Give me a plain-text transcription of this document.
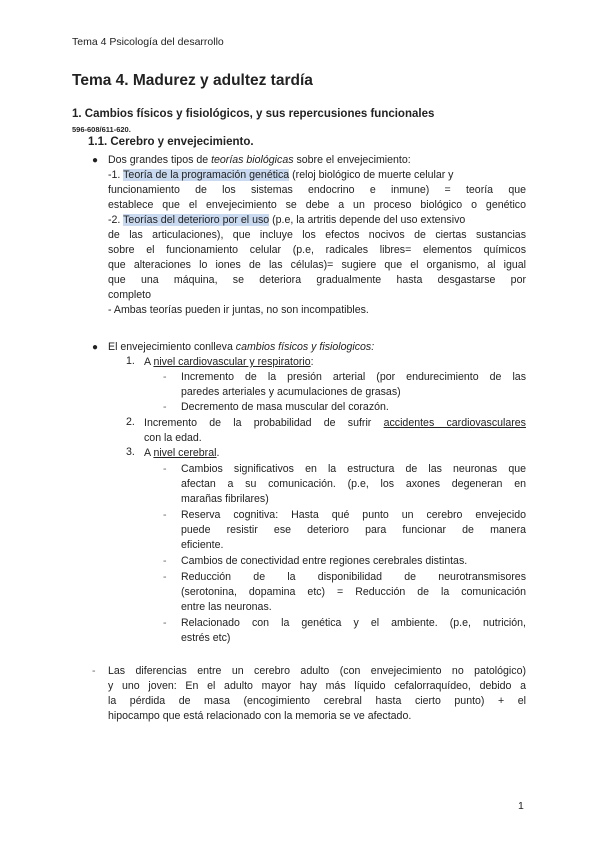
Tema 4 Psicología del desarrollo
Tema 4. Madurez y adultez tardía
1. Cambios físicos y fisiológicos, y sus repercusiones funcionales
596-608/611-620.
1.1. Cerebro y envejecimiento.
● Dos grandes tipos de teorías biológicas sobre el envejecimiento:
-1. Teoría de la programación genética (reloj biológico de muerte celular y
funcionamiento de los sistemas endocrino e inmune) = teoría que
establece que el envejecimiento se debe a un proceso biológico o genético
-2. Teorías del deterioro por el uso (p.e, la artritis depende del uso extensivo
de las articulaciones), que incluye los efectos nocivos de ciertas sustancias
sobre el funcionamiento celular (p.e, radicales libres= elementos químicos
que alteraciones lo iones de las células)= sugiere que el organismo, al igual
que una máquina, se deteriora gradualmente hasta desgastarse por
completo
- Ambas teorías pueden ir juntas, no son incompatibles.
● El envejecimiento conlleva cambios físicos y fisiologicos:
1. A nivel cardiovascular y respiratorio:
- Incremento de la presión arterial (por endurecimiento de las
paredes arteriales y acumulaciones de grasas)
- Decremento de masa muscular del corazón.
2. Incremento de la probabilidad de sufrir accidentes cardiovasculares
con la edad.
3. A nivel cerebral.
- Cambios significativos en la estructura de las neuronas que
afectan a su comunicación. (p.e, los axones degeneran en
marañas fibrilares)
- Reserva cognitiva: Hasta qué punto un cerebro envejecido
puede resistir ese deterioro para funcionar de manera
eficiente.
- Cambios de conectividad entre regiones cerebrales distintas.
- Reducción de la disponibilidad de neurotransmisores
(serotonina, dopamina etc) = Reducción de la comunicación
entre las neuronas.
- Relacionado con la genética y el ambiente. (p.e, nutrición,
estrés etc)
- Las diferencias entre un cerebro adulto (con envejecimiento no patológico)
y uno joven: En el adulto mayor hay más líquido cefalorraquídeo, debido a
la pérdida de masa (encogimiento cerebral hasta cierto punto) + el
hipocampo que está relacionado con la memoria se ve afectado.
1
